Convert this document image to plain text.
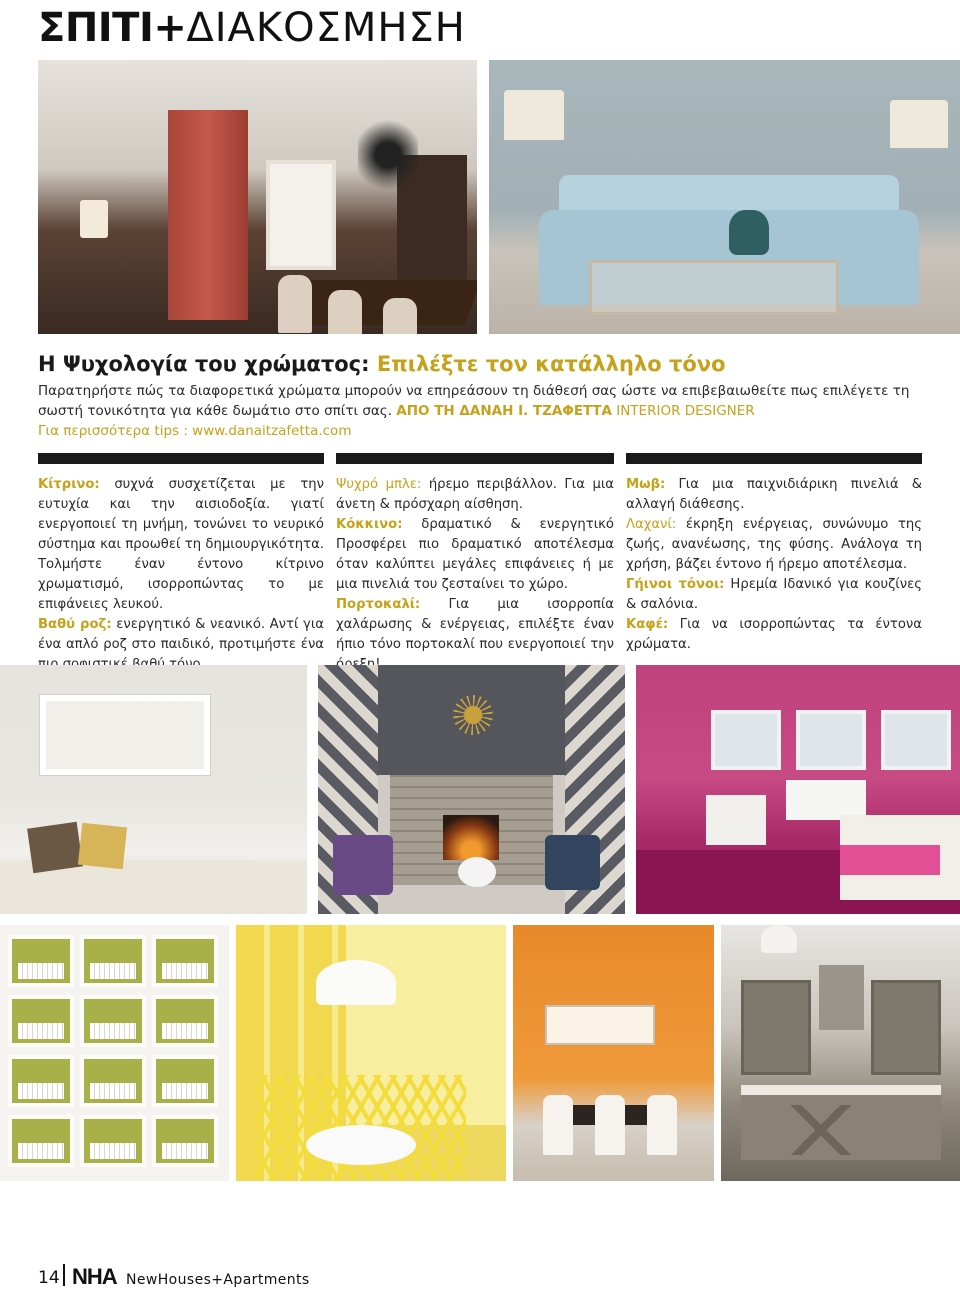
ΣΠΙΤΙ+ ΔΙΑΚΟΣΜΗΣΗ
Η Ψυχολογία του χρώματος: Επιλέξτε τον κατάλληλο τόνο
Παρατηρήστε πώς τα διαφορετικά χρώματα μπορούν να επηρεάσουν τη διάθεσή σας ώστε να επιβεβαιωθείτε πως επιλέγετε τη σωστή τονικότητα για κάθε δωμάτιο στο σπίτι σας. ΑΠΟ ΤΗ ΔΑΝΑΗ Ι. ΤΖΑΦΕΤΤΑ INTERIOR DESIGNER
Για περισσότερα tips : www.danaitzafetta.com
Κίτρινο: συχνά συσχετίζεται με την ευτυχία και την αισιοδοξία. γιατί ενεργοποιεί τη μνήμη, τονώνει το νευρικό σύστημα και προωθεί τη δημιουργικότητα. Τολμήστε έναν έντονο κίτρινο χρωματισμό, ισορροπώντας το με επιφάνειες λευκού.
Βαθύ ροζ: ενεργητικό & νεανικό. Αντί για ένα απλό ροζ στο παιδικό, προτιμήστε ένα
Ψυχρό μπλε: ήρεμο περιβάλλον. Για μια άνετη & πρόσχαρη αίσθηση.
Κόκκινο: δραματικό & ενεργητικό Προσφέρει πιο δραματικό αποτέλεσμα όταν καλύπτει μεγάλες επιφάνειες ή με μια πινελιά του ζεσταίνει το χώρο.
Πορτοκαλί: Για μια ισορροπία χαλάρωσης & ενέργειας, επιλέξτε έναν ήπιο τόνο πορτοκαλί που ενεργοποιεί την
Μωβ: Για μια παιχνιδιάρικη πινελιά & αλλαγή διάθεσης.
Λαχανί: έκρηξη ενέργειας, συνώνυμο της ζωής, ανανέωσης, της φύσης. Ανάλογα τη χρήση, βάζει έντονο ή ήρεμο αποτέλεσμα.
Γήινοι τόνοι: Ηρεμία Ιδανικό για κουζίνες & σαλόνια.
Καφέ: Για να ισορροπώντας τα έντονα χρώματα.
14 NHA NewHouses+Apartments
